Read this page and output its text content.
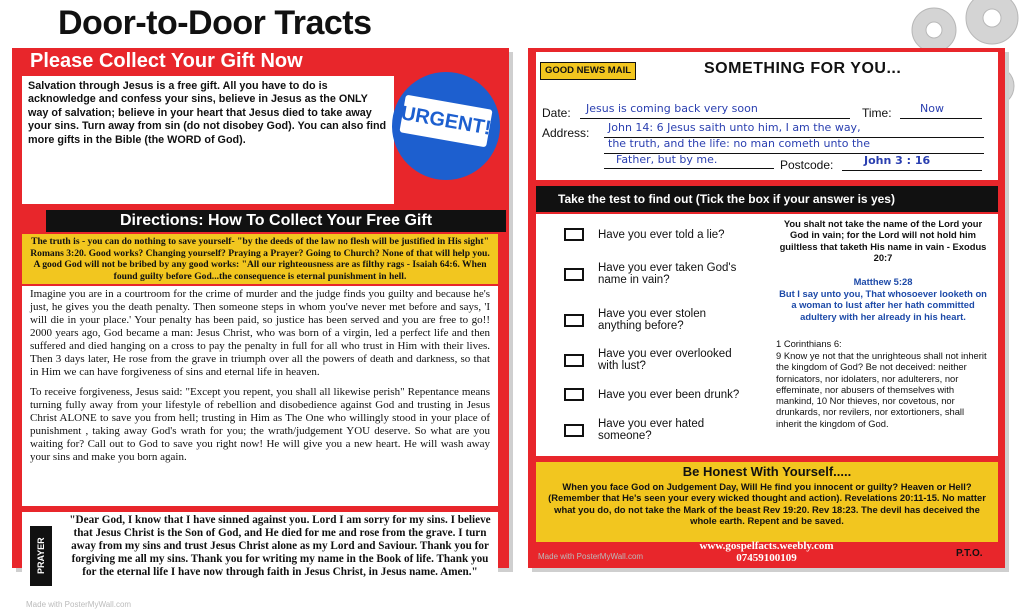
Door-to-Door Tracts
Please Collect Your Gift Now
Salvation through Jesus is a free gift. All you have to do is acknowledge and confess your sins, believe in Jesus as the ONLY way of salvation; believe in your heart that Jesus died to take away your sins. Turn away from sin (do not disobey God). You can also find more gifts in the Bible (the WORD of God).
URGENT!
Directions: How To Collect Your Free Gift
The truth is - you can do nothing to save yourself- "by the deeds of the law no flesh will be justified in His sight" Romans 3:20. Good works? Changing yourself? Praying a Prayer? Going to Church? None of that will help you. A good God will not be bribed by any good works: "All our righteousness are as filthy rags - Isaiah 64:6. When found guilty before God...the consequence is eternal punishment in hell.

Imagine you are in a courtroom for the crime of murder and the judge finds you guilty and because he's just, he gives you the death penalty. Then someone steps in whom you've never met before and says, 'I will die in your place.' Your penalty has been paid, so justice has been served and you are free to go!! 2000 years ago, God became a man: Jesus Christ, who was born of a virgin, led a perfect life and then suffered and died hanging on a cross to pay the penalty in full for all who trust in Him with their lives. Then 3 days later, He rose from the grave in triumph over all the powers of death and darkness, so that in Him we can have forgiveness of sins and eternal life in heaven.

To receive forgiveness, Jesus said: "Except you repent, you shall all likewise perish" Repentance means turning fully away from your lifestyle of rebellion and disobedience against God and trusting in Jesus Christ ALONE to save you from hell; trusting in Him as The One who willingly stood in your place of punishment , taking away God's wrath for you; the wrath/judgement YOU deserve. So what are you waiting for? Call out to God to save you right now! He will give you a new heart. He will wash away your sins and make you born again.

"Dear God, I know that I have sinned against you. Lord I am sorry for my sins. I believe that Jesus Christ is the Son of God, and He died for me and rose from the grave. I turn away from my sins and trust Jesus Christ alone as my Lord and Saviour. Thank you for forgiving me all my sins. Thank you for writing my name in the Book of life. Thank you for the eternal life I have now through faith in Jesus Christ, in Jesus name. Amen."
PRAYER
Made with PosterMyWall.com	2
GOOD NEWS MAIL	SOMETHING FOR YOU...
Date: Jesus is coming back very soon	Time:	Now
Address: John 14: 6 Jesus saith unto him, I am the way,
the truth, and the life: no man cometh unto the
Father, but by me.	Postcode:	John 3 : 16
Take the test to find out (Tick the box if your answer is yes)
Have you ever told a lie?
Have you ever taken God's name in vain?
Have you ever stolen anything before?
Have you ever overlooked with lust?
Have you ever been drunk?
Have you ever hated someone?
You shalt not take the name of the Lord your God in vain; for the Lord will not hold him guiltless that taketh His name in vain - Exodus 20:7
Matthew 5:28
But I say unto you, That whosoever looketh on a woman to lust after her hath committed adultery with her already in his heart.
1 Corinthians 6:
9 Know ye not that the unrighteous shall not inherit the kingdom of God? Be not deceived: neither fornicators, nor idolaters, nor adulterers, nor effeminate, nor abusers of themselves with mankind, 10 Nor thieves, nor covetous, nor drunkards, nor revilers, nor extortioners, shall inherit the kingdom of God.
Be Honest With Yourself.....
When you face God on Judgement Day, Will He find you innocent or guilty? Heaven or Hell? (Remember that He's seen your every wicked thought and action). Revelations 20:11-15. No matter what you do, do not take the Mark of the beast Rev 19:20. Rev 18:23. The devil has deceived the whole earth. Repent and be saved.
www.gospelfacts.weebly.com
07459100109	P.T.O.
Made with PosterMyWall.com
